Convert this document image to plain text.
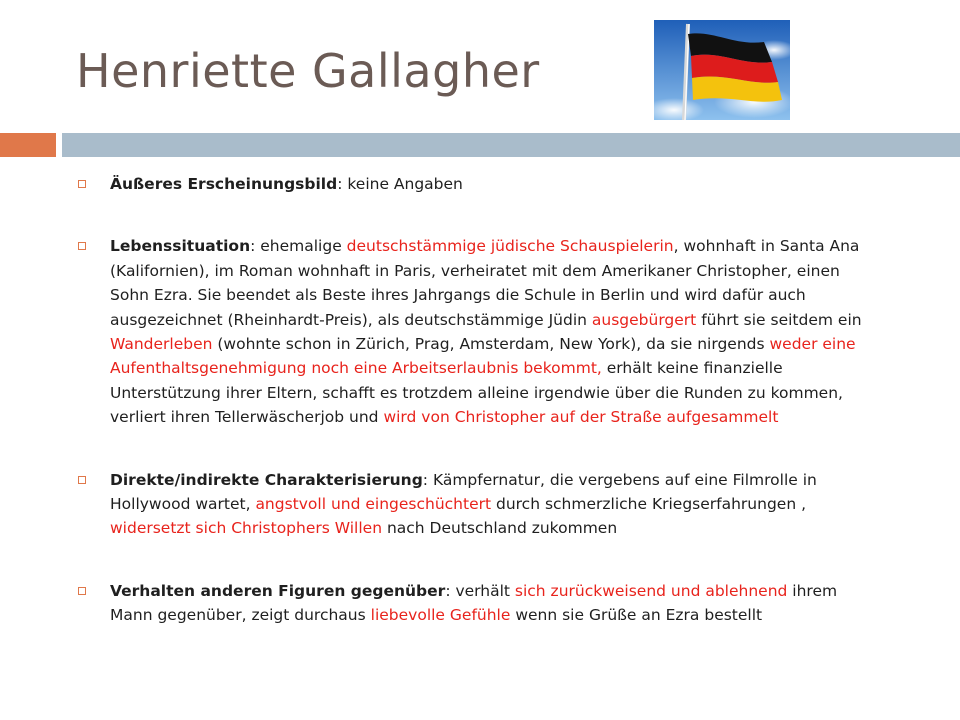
Henriette Gallagher

Äußeres Erscheinungsbild: keine Angaben

Lebenssituation: ehemalige deutschstämmige jüdische Schauspielerin, wohnhaft in Santa Ana (Kalifornien), im Roman wohnhaft in Paris, verheiratet mit dem Amerikaner Christopher, einen Sohn Ezra. Sie beendet als Beste ihres Jahrgangs die Schule in Berlin und wird dafür auch ausgezeichnet (Rheinhardt-Preis), als deutschstämmige Jüdin ausgebürgert führt sie seitdem ein Wanderleben (wohnte schon in Zürich, Prag, Amsterdam, New York), da sie nirgends weder eine Aufenthaltsgenehmigung noch eine Arbeitserlaubnis bekommt, erhält keine finanzielle Unterstützung ihrer Eltern, schafft es trotzdem alleine irgendwie über die Runden zu kommen, verliert ihren Tellerwäscherjob und wird von Christopher auf der Straße aufgesammelt

Direkte/indirekte Charakterisierung: Kämpfernatur, die vergebens auf eine Filmrolle in Hollywood wartet, angstvoll und eingeschüchtert durch schmerzliche Kriegserfahrungen , widersetzt sich Christophers Willen nach Deutschland zukommen

Verhalten anderen Figuren gegenüber: verhält sich zurückweisend und ablehnend ihrem Mann gegenüber, zeigt durchaus liebevolle Gefühle wenn sie Grüße an Ezra bestellt
